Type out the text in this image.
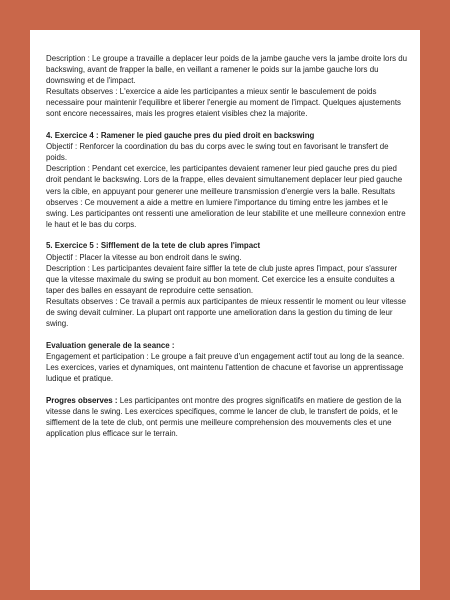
Description : Le groupe a travaille a deplacer leur poids de la jambe gauche vers la jambe droite lors du backswing, avant de frapper la balle, en veillant a ramener le poids sur la jambe gauche lors du downswing et de l'impact.

Resultats observes : L'exercice a aide les participantes a mieux sentir le basculement de poids necessaire pour maintenir l'equilibre et liberer l'energie au moment de l'impact. Quelques ajustements sont encore necessaires, mais les progres etaient visibles chez la majorite.

4. Exercice 4 : Ramener le pied gauche pres du pied droit en backswing

Objectif : Renforcer la coordination du bas du corps avec le swing tout en favorisant le transfert de poids.

Description : Pendant cet exercice, les participantes devaient ramener leur pied gauche pres du pied droit pendant le backswing. Lors de la frappe, elles devaient simultanement deplacer leur pied gauche vers la cible, en appuyant pour generer une meilleure transmission d'energie vers la balle. Resultats observes : Ce mouvement a aide a mettre en lumiere l'importance du timing entre les jambes et le swing. Les participantes ont ressenti une amelioration de leur stabilite et une meilleure connexion entre le haut et le bas du corps.

5. Exercice 5 : Sifflement de la tete de club apres l'impact

Objectif : Placer la vitesse au bon endroit dans le swing.

Description : Les participantes devaient faire siffler la tete de club juste apres l'impact, pour s'assurer que la vitesse maximale du swing se produit au bon moment. Cet exercice les a ensuite conduites a taper des balles en essayant de reproduire cette sensation.

Resultats observes : Ce travail a permis aux participantes de mieux ressentir le moment ou leur vitesse de swing devait culminer. La plupart ont rapporte une amelioration dans la gestion du timing de leur swing.

Evaluation generale de la seance :

Engagement et participation : Le groupe a fait preuve d'un engagement actif tout au long de la seance. Les exercices, varies et dynamiques, ont maintenu l'attention de chacune et favorise un apprentissage ludique et pratique.

Progres observes : Les participantes ont montre des progres significatifs en matiere de gestion de la vitesse dans le swing. Les exercices specifiques, comme le lancer de club, le transfert de poids, et le sifflement de la tete de club, ont permis une meilleure comprehension des mouvements cles et une application plus efficace sur le terrain.
